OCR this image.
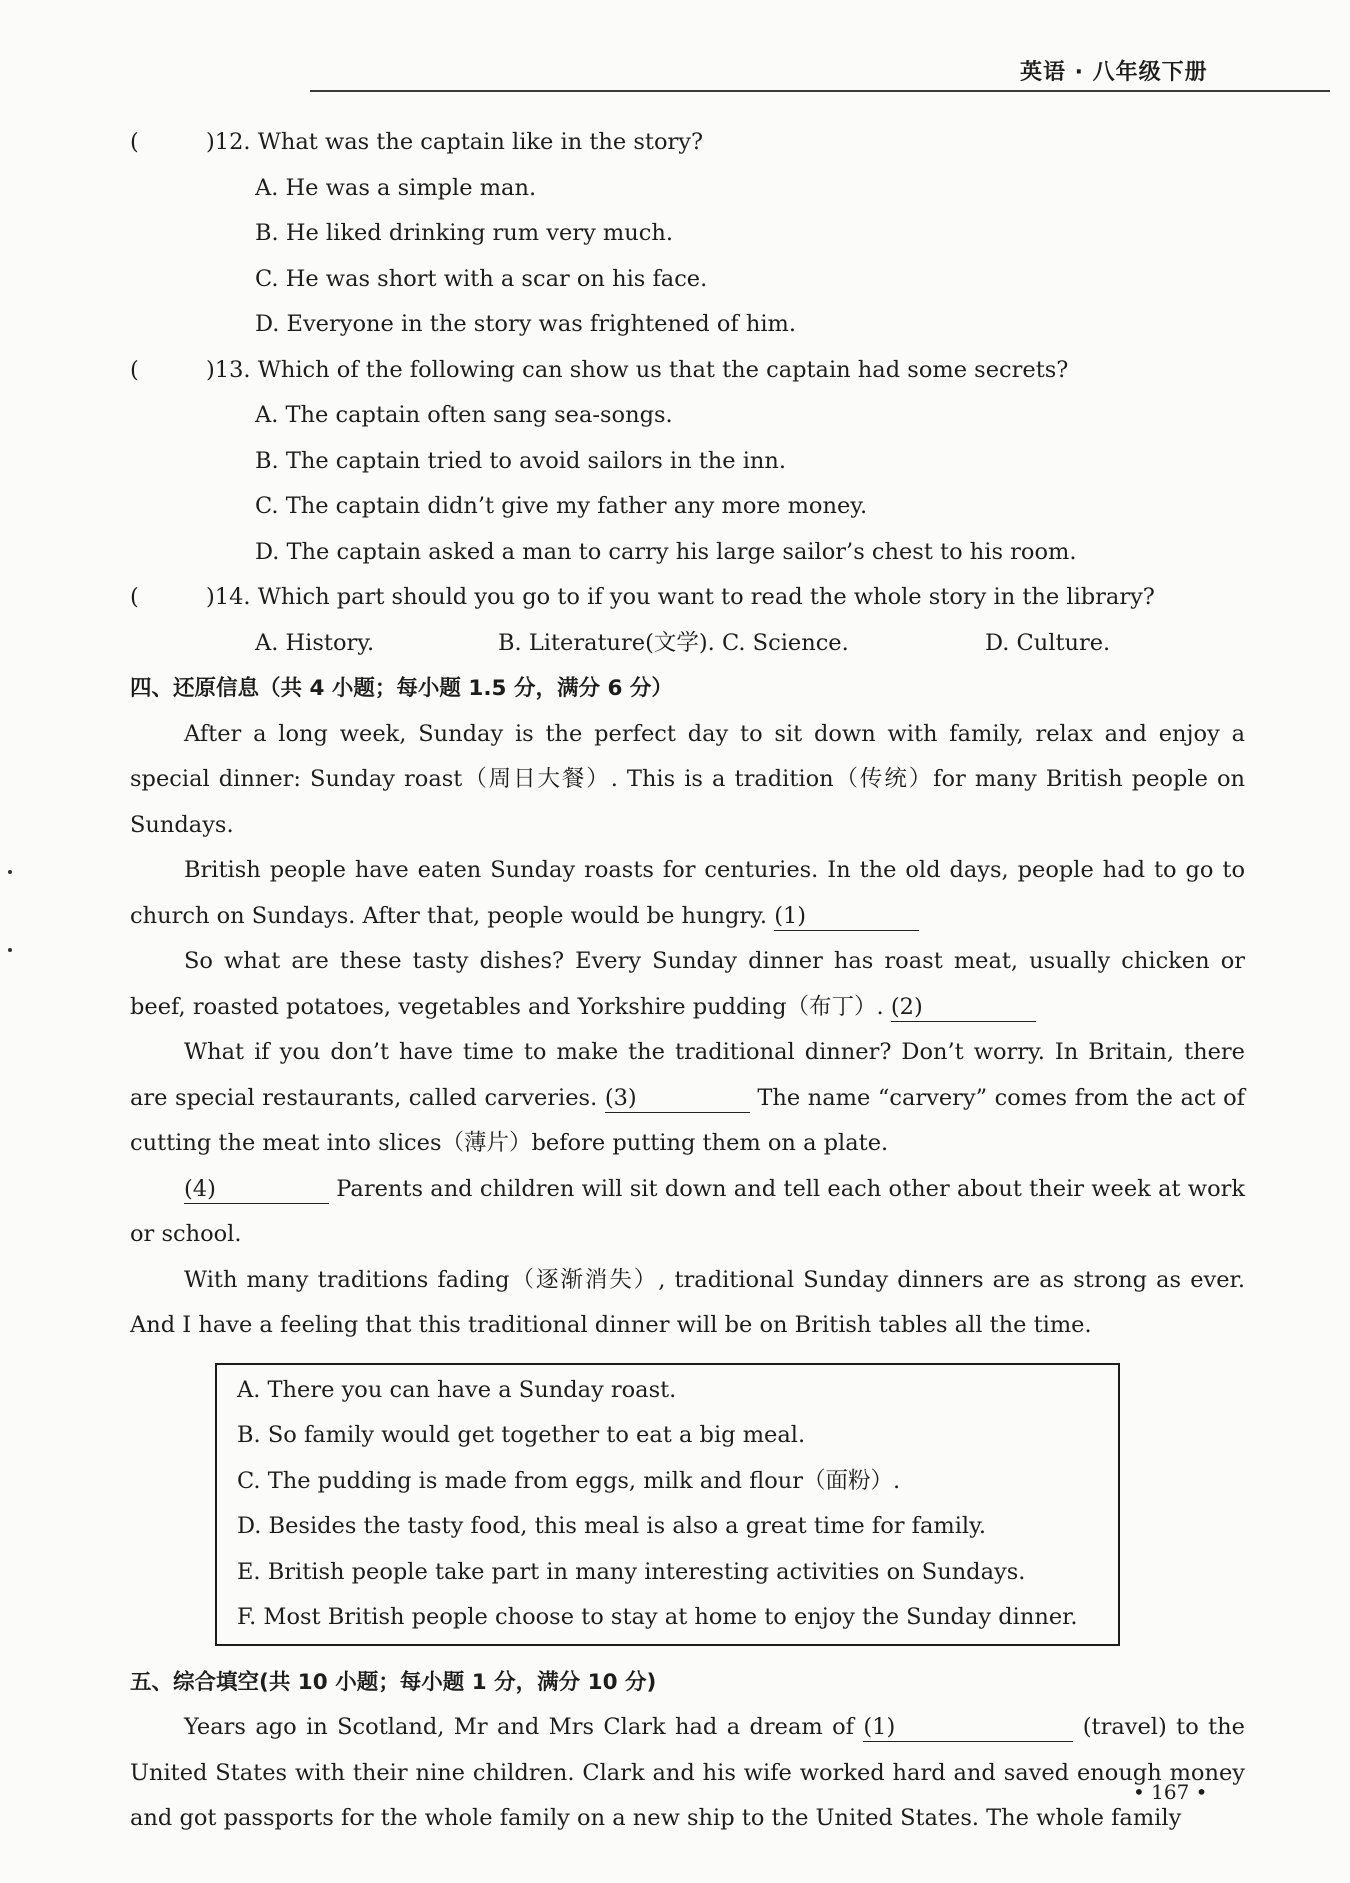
英语 · 八年级下册
(	)12. What was the captain like in the story?
A. He was a simple man.
B. He liked drinking rum very much.
C. He was short with a scar on his face.
D. Everyone in the story was frightened of him.
(	)13. Which of the following can show us that the captain had some secrets?
A. The captain often sang sea-songs.
B. The captain tried to avoid sailors in the inn.
C. The captain didn’t give my father any more money.
D. The captain asked a man to carry his large sailor’s chest to his room.
(	)14. Which part should you go to if you want to read the whole story in the library?
A. History.	B. Literature(文学). C. Science.	D. Culture.
四、还原信息（共 4 小题；每小题 1.5 分，满分 6 分）

After a long week, Sunday is the perfect day to sit down with family, relax and enjoy a special dinner: Sunday roast（周日大餐）. This is a tradition（传统）for many British people on Sundays.

British people have eaten Sunday roasts for centuries. In the old days, people had to go to church on Sundays. After that, people would be hungry. (1)

So what are these tasty dishes? Every Sunday dinner has roast meat, usually chicken or beef, roasted potatoes, vegetables and Yorkshire pudding（布丁）. (2)

What if you don’t have time to make the traditional dinner? Don’t worry. In Britain, there are special restaurants, called carveries. (3)	The name “carvery” comes from the act of cutting the meat into slices（薄片）before putting them on a plate.

(4)	Parents and children will sit down and tell each other about their week at work or school.

With many traditions fading（逐渐消失）, traditional Sunday dinners are as strong as ever. And I have a feeling that this traditional dinner will be on British tables all the time.

A. There you can have a Sunday roast.
B. So family would get together to eat a big meal.
C. The pudding is made from eggs, milk and flour（面粉）.
D. Besides the tasty food, this meal is also a great time for family.
E. British people take part in many interesting activities on Sundays.
F. Most British people choose to stay at home to enjoy the Sunday dinner.
五、综合填空(共 10 小题；每小题 1 分，满分 10 分)

Years ago in Scotland, Mr and Mrs Clark had a dream of (1)	(travel) to the United States with their nine children. Clark and his wife worked hard and saved enough money and got passports for the whole family on a new ship to the United States. The whole family

• 167 •
